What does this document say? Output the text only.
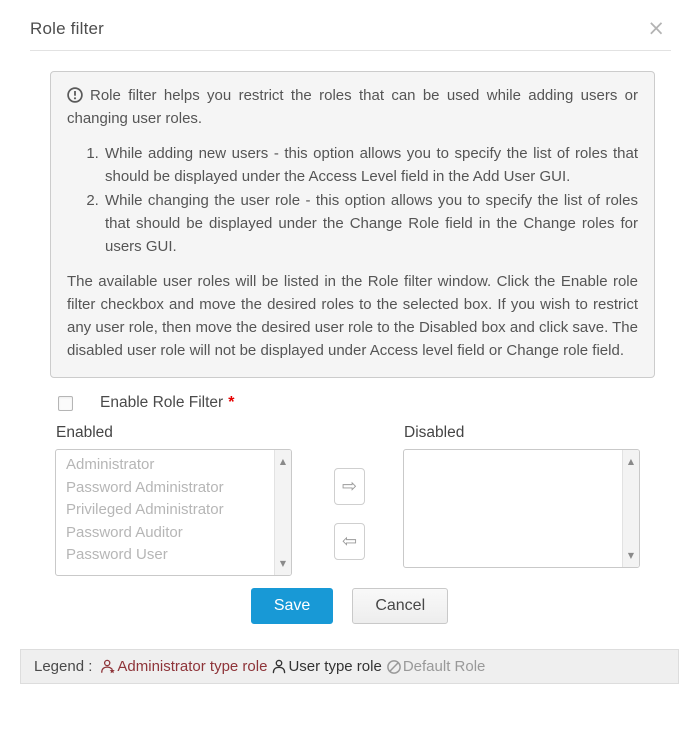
Role filter	×

Role filter helps you restrict the roles that can be used while adding users or changing user roles.

1. While adding new users - this option allows you to specify the list of roles that should be displayed under the Access Level field in the Add User GUI.
2. While changing the user role - this option allows you to specify the list of roles that should be displayed under the Change Role field in the Change roles for users GUI.

The available user roles will be listed in the Role filter window. Click the Enable role filter checkbox and move the desired roles to the selected box. If you wish to restrict any user role, then move the desired user role to the Disabled box and click save. The disabled user role will not be displayed under Access level field or Change role field.

Enable Role Filter *
Enabled
Administrator
Password Administrator
Privileged Administrator
Password Auditor
Password User
▲
▼
⇨
⇦
Disabled
▲
▼
Save	Cancel
Legend : Administrator type role User type role Default Role
